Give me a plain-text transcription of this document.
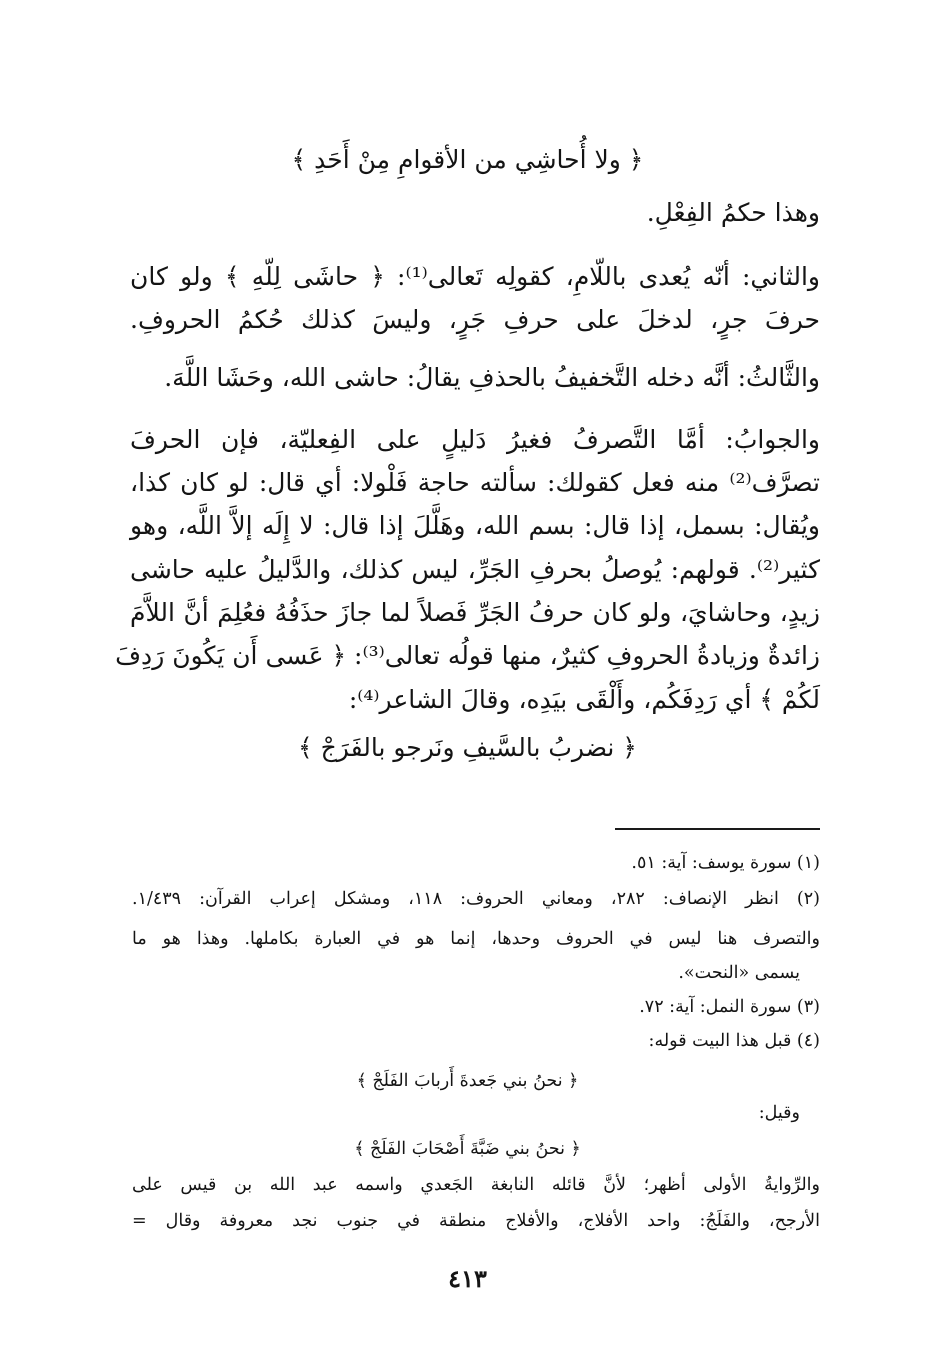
﴿ ولا أُحاشِي من الأقوامِ مِنْ أَحَدِ ﴾
وهذا حكمُ الفِعْلِ.
والثاني: أنّه يُعدى باللّامِ، كقولِه تَعالى⁽¹⁾: ﴿ حاشَى لِلّهِ ﴾ ولو كان
حرفَ جرٍ، لدخلَ على حرفِ جَرٍ، وليسَ كذلك حُكمُ الحروفِ.
والثَّالثُ: أنَّه دخله التَّخفيفُ بالحذفِ يقالُ: حاشى الله، وحَشَا اللَّهَ.
والجوابُ: أمَّا التَّصرفُ فغيرُ دَليلٍ على الفِعليّة، فإن الحرفَ
تصرَّف⁽²⁾ منه فعل كقولك: سألته حاجة فَلْولا: أي قال: لو كان كذا،
ويُقال: بسمل، إذا قال: بسم الله، وهَلَّلَ إذا قال: لا إِلَه إلاَّ اللَّه، وهو
كثير⁽²⁾. قولهم: يُوصلُ بحرفِ الجَرِّ، ليس كذلك، والدَّليلُ عليه حاشى
زيدٍ، وحاشايَ، ولو كان حرفُ الجَرِّ فَصلاً لما جازَ حذَفُهُ فعُلِمَ أنَّ اللاَّمَ
زائدةٌ وزيادةُ الحروفِ كثيرٌ، منها قولُه تعالى⁽³⁾: ﴿ عَسى أَن يَكُونَ رَدِفَ
لَكُمْ ﴾ أي رَدِفَكُم، وأَلْقَى بيَدِه، وقالَ الشاعر⁽⁴⁾:
﴿ نضربُ بالسَّيفِ ونَرجو بالفَرَجْ ﴾
(١) سورة يوسف: آية: ٥١.
(٢) انظر الإنصاف: ٢٨٢، ومعاني الحروف: ١١٨، ومشكل إعراب القرآن: ١/٤٣٩.
والتصرف هنا ليس في الحروف وحدها، إنما هو في العبارة بكاملها. وهذا هو ما
يسمى «النحت».
(٣) سورة النمل: آية: ٧٢.
(٤) قبل هذا البيت قوله:
﴿ نحنُ بني جَعدةَ أَربابَ الفَلَجْ ﴾
وقيل:
﴿ نحنُ بني ضَبَّةَ أَصْحَابَ الفَلَجْ ﴾
والرِّوايةُ الأولى أظهر؛ لأنَّ قائله النابغة الجَعدي واسمه عبد الله بن قيس على
الأرجح، والفَلَجُ: واحد الأفلاج، والأفلاج منطقة في جنوب نجد معروفة وقال =
٤١٣
